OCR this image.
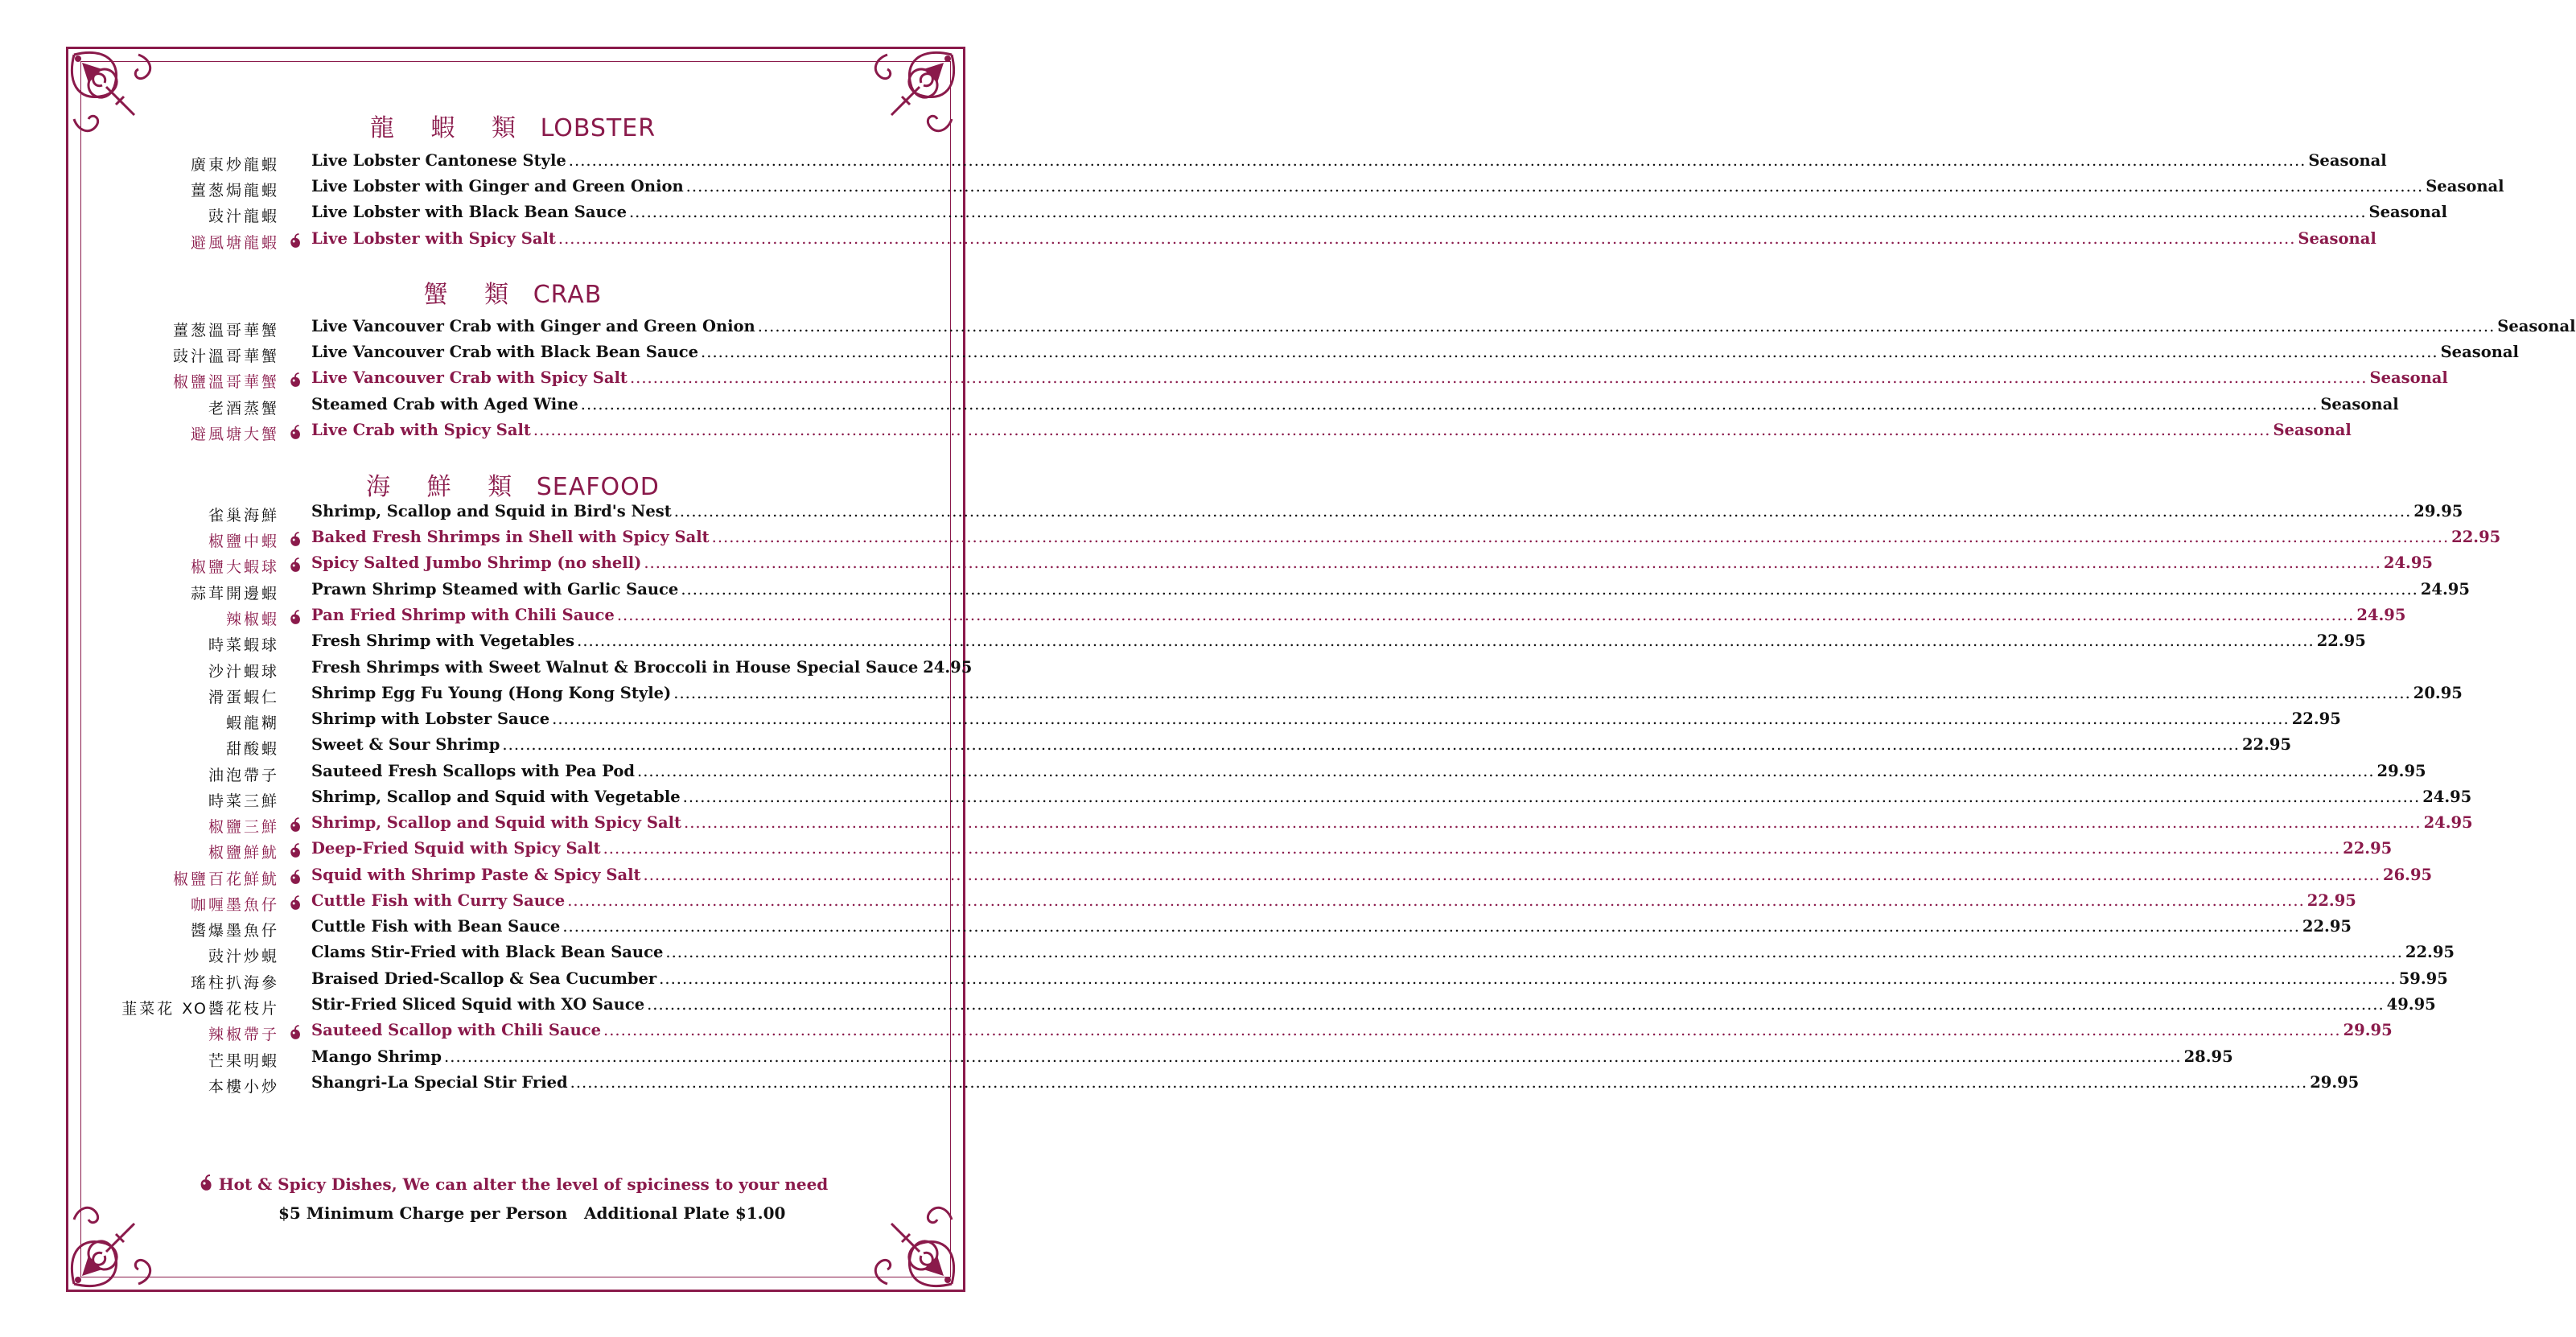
龍 蝦 類 LOBSTER
蟹 類 CRAB
海 鮮 類 SEAFOOD
廣東炒龍蝦 Live Lobster Cantonese Style ............................................................................................................................................................................................................................................................................................................ Seasonal
薑葱焗龍蝦 Live Lobster with Ginger and Green Onion ............................................................................................................................................................................................................................................................................................................ Seasonal
豉汁龍蝦 Live Lobster with Black Bean Sauce ............................................................................................................................................................................................................................................................................................................ Seasonal
避風塘龍蝦 Live Lobster with Spicy Salt ............................................................................................................................................................................................................................................................................................................ Seasonal
薑葱溫哥華蟹 Live Vancouver Crab with Ginger and Green Onion ............................................................................................................................................................................................................................................................................................................ Seasonal
豉汁溫哥華蟹 Live Vancouver Crab with Black Bean Sauce ............................................................................................................................................................................................................................................................................................................ Seasonal
椒鹽溫哥華蟹 Live Vancouver Crab with Spicy Salt ............................................................................................................................................................................................................................................................................................................ Seasonal
老酒蒸蟹 Steamed Crab with Aged Wine ............................................................................................................................................................................................................................................................................................................ Seasonal
避風塘大蟹 Live Crab with Spicy Salt ............................................................................................................................................................................................................................................................................................................ Seasonal
雀巢海鮮 Shrimp, Scallop and Squid in Bird's Nest ............................................................................................................................................................................................................................................................................................................ 29.95
椒鹽中蝦 Baked Fresh Shrimps in Shell with Spicy Salt ............................................................................................................................................................................................................................................................................................................ 22.95
椒鹽大蝦球 Spicy Salted Jumbo Shrimp (no shell) ............................................................................................................................................................................................................................................................................................................ 24.95
蒜茸開邊蝦 Prawn Shrimp Steamed with Garlic Sauce ............................................................................................................................................................................................................................................................................................................ 24.95
辣椒蝦 Pan Fried Shrimp with Chili Sauce ............................................................................................................................................................................................................................................................................................................ 24.95
時菜蝦球 Fresh Shrimp with Vegetables ............................................................................................................................................................................................................................................................................................................ 22.95
沙汁蝦球 Fresh Shrimps with Sweet Walnut & Broccoli in House Special Sauce 24.95
滑蛋蝦仁 Shrimp Egg Fu Young (Hong Kong Style) ............................................................................................................................................................................................................................................................................................................ 20.95
蝦龍糊 Shrimp with Lobster Sauce ............................................................................................................................................................................................................................................................................................................ 22.95
甜酸蝦 Sweet & Sour Shrimp ............................................................................................................................................................................................................................................................................................................ 22.95
油泡帶子 Sauteed Fresh Scallops with Pea Pod ............................................................................................................................................................................................................................................................................................................ 29.95
時菜三鮮 Shrimp, Scallop and Squid with Vegetable ............................................................................................................................................................................................................................................................................................................ 24.95
椒鹽三鮮 Shrimp, Scallop and Squid with Spicy Salt ............................................................................................................................................................................................................................................................................................................ 24.95
椒鹽鮮魷 Deep-Fried Squid with Spicy Salt ............................................................................................................................................................................................................................................................................................................ 22.95
椒鹽百花鮮魷 Squid with Shrimp Paste & Spicy Salt ............................................................................................................................................................................................................................................................................................................ 26.95
咖喱墨魚仔 Cuttle Fish with Curry Sauce ............................................................................................................................................................................................................................................................................................................ 22.95
醬爆墨魚仔 Cuttle Fish with Bean Sauce ............................................................................................................................................................................................................................................................................................................ 22.95
豉汁炒蜆 Clams Stir-Fried with Black Bean Sauce ............................................................................................................................................................................................................................................................................................................ 22.95
瑤柱扒海參 Braised Dried-Scallop & Sea Cucumber ............................................................................................................................................................................................................................................................................................................ 59.95
韮菜花 XO醬花枝片 Stir-Fried Sliced Squid with XO Sauce ............................................................................................................................................................................................................................................................................................................ 49.95
辣椒帶子 Sauteed Scallop with Chili Sauce ............................................................................................................................................................................................................................................................................................................ 29.95
芒果明蝦 Mango Shrimp ............................................................................................................................................................................................................................................................................................................ 28.95
本樓小炒 Shangri-La Special Stir Fried ............................................................................................................................................................................................................................................................................................................ 29.95
Hot & Spicy Dishes, We can alter the level of spiciness to your need
$5 Minimum Charge per Person Additional Plate $1.00
